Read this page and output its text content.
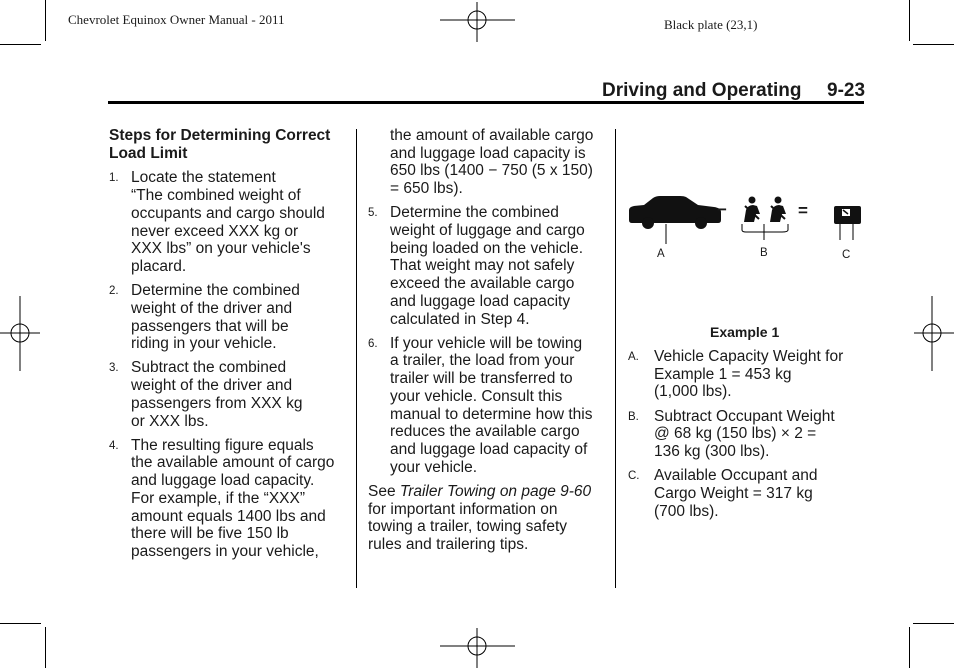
Chevrolet Equinox Owner Manual - 2011	Black plate (23,1)
Driving and Operating 9-23

Steps for Determining Correct
Load Limit

1. Locate the statement
“The combined weight of
occupants and cargo should
never exceed XXX kg or
XXX lbs” on your vehicle's
placard.
2. Determine the combined
weight of the driver and
passengers that will be
riding in your vehicle.
3. Subtract the combined
weight of the driver and
passengers from XXX kg
or XXX lbs.
4. The resulting figure equals
the available amount of cargo
and luggage load capacity.
For example, if the “XXX”
amount equals 1400 lbs and
there will be five 150 lb
passengers in your vehicle,
the amount of available cargo
and luggage load capacity is
650 lbs (1400 − 750 (5 x 150)
= 650 lbs).
5. Determine the combined
weight of luggage and cargo
being loaded on the vehicle.
That weight may not safely
exceed the available cargo
and luggage load capacity
calculated in Step 4.
6. If your vehicle will be towing
a trailer, the load from your
trailer will be transferred to
your vehicle. Consult this
manual to determine how this
reduces the available cargo
and luggage load capacity of
your vehicle.

See Trailer Towing on page 9-60
for important information on
towing a trailer, towing safety
rules and trailering tips.

−	=
A	B	C
Example 1
A. Vehicle Capacity Weight for
Example 1 = 453 kg
(1,000 lbs).
B. Subtract Occupant Weight
@ 68 kg (150 lbs) × 2 =
136 kg (300 lbs).
C. Available Occupant and
Cargo Weight = 317 kg
(700 lbs).
